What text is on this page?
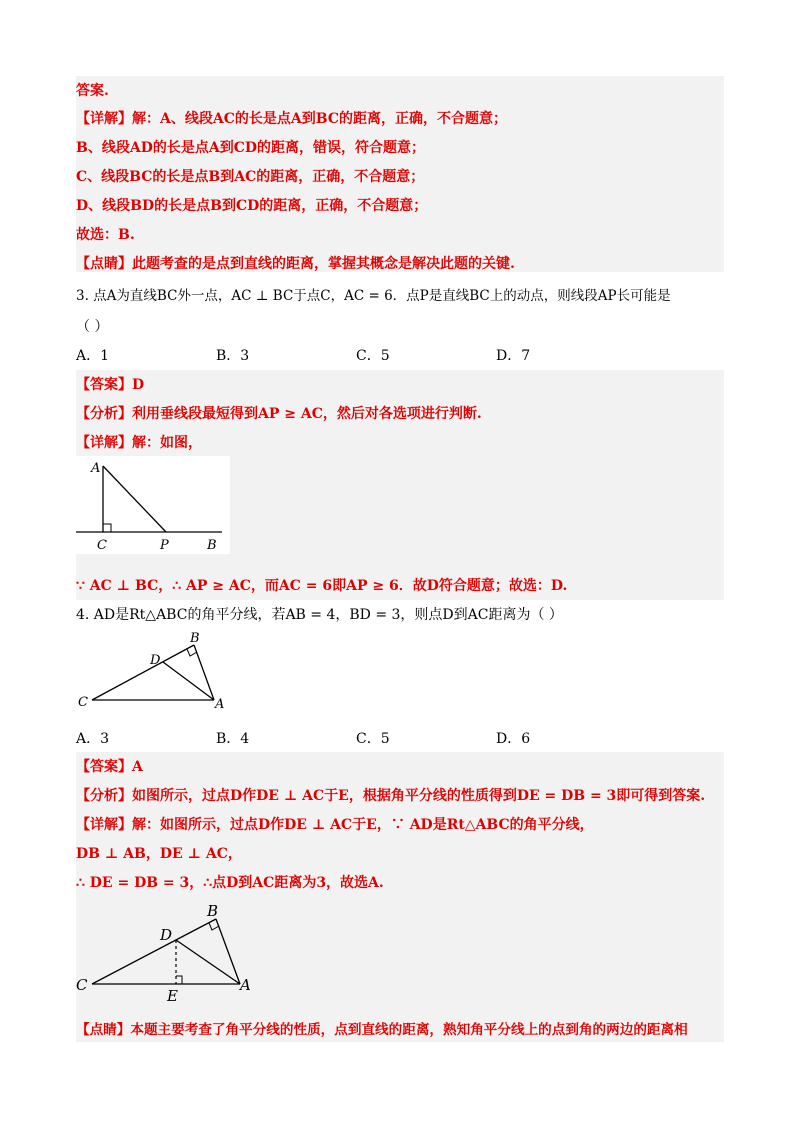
答案.
【详解】解：A、线段AC的长是点A到BC的距离，正确，不合题意；
B、线段AD的长是点A到CD的距离，错误，符合题意；
C、线段BC的长是点B到AC的距离，正确，不合题意；
D、线段BD的长是点B到CD的距离，正确，不合题意；
故选：B.
【点睛】此题考查的是点到直线的距离，掌握其概念是解决此题的关键.
3. 点A为直线BC外一点，AC ⊥ BC于点C，AC = 6．点P是直线BC上的动点，则线段AP长可能是
（ ）
A．1	B．3	C．5	D．7
【答案】D
【分析】利用垂线段最短得到AP ≥ AC，然后对各选项进行判断.
【详解】解：如图，
A
C	P	B
∵ AC ⊥ BC，∴ AP ≥ AC，而AC = 6即AP ≥ 6．故D符合题意；故选：D.
4. AD是Rt△ABC的角平分线，若AB = 4，BD = 3，则点D到AC距离为（ ）
B
D
C	A
A．3	B．4	C．5	D．6
【答案】A
【分析】如图所示，过点D作DE ⊥ AC于E，根据角平分线的性质得到DE = DB = 3即可得到答案.
【详解】解：如图所示，过点D作DE ⊥ AC于E，∵ AD是Rt△ABC的角平分线，
DB ⊥ AB，DE ⊥ AC，
∴ DE = DB = 3，∴点D到AC距离为3，故选A.
B
D
C	A
E
【点睛】本题主要考查了角平分线的性质，点到直线的距离，熟知角平分线上的点到角的两边的距离相
